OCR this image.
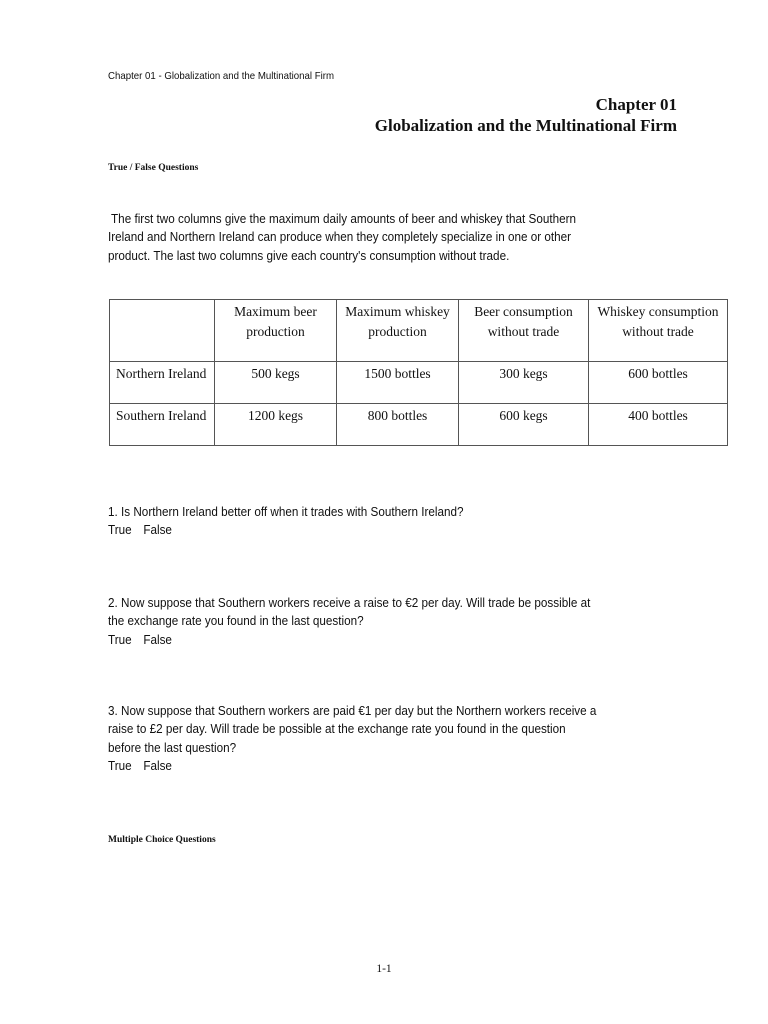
Chapter 01 - Globalization and the Multinational Firm
Chapter 01
Globalization and the Multinational Firm
True / False Questions
The first two columns give the maximum daily amounts of beer and whiskey that Southern
Ireland and Northern Ireland can produce when they completely specialize in one or other
product. The last two columns give each country's consumption without trade.
	Maximum beer production	Maximum whiskey production	Beer consumption without trade	Whiskey consumption without trade
Northern Ireland	500 kegs	1500 bottles	300 kegs	600 bottles
Southern Ireland	1200 kegs	800 bottles	600 kegs	400 bottles
1. Is Northern Ireland better off when it trades with Southern Ireland?
True False
2. Now suppose that Southern workers receive a raise to €2 per day. Will trade be possible at
the exchange rate you found in the last question?
True False
3. Now suppose that Southern workers are paid €1 per day but the Northern workers receive a
raise to £2 per day. Will trade be possible at the exchange rate you found in the question
before the last question?
True False
Multiple Choice Questions
1-1
